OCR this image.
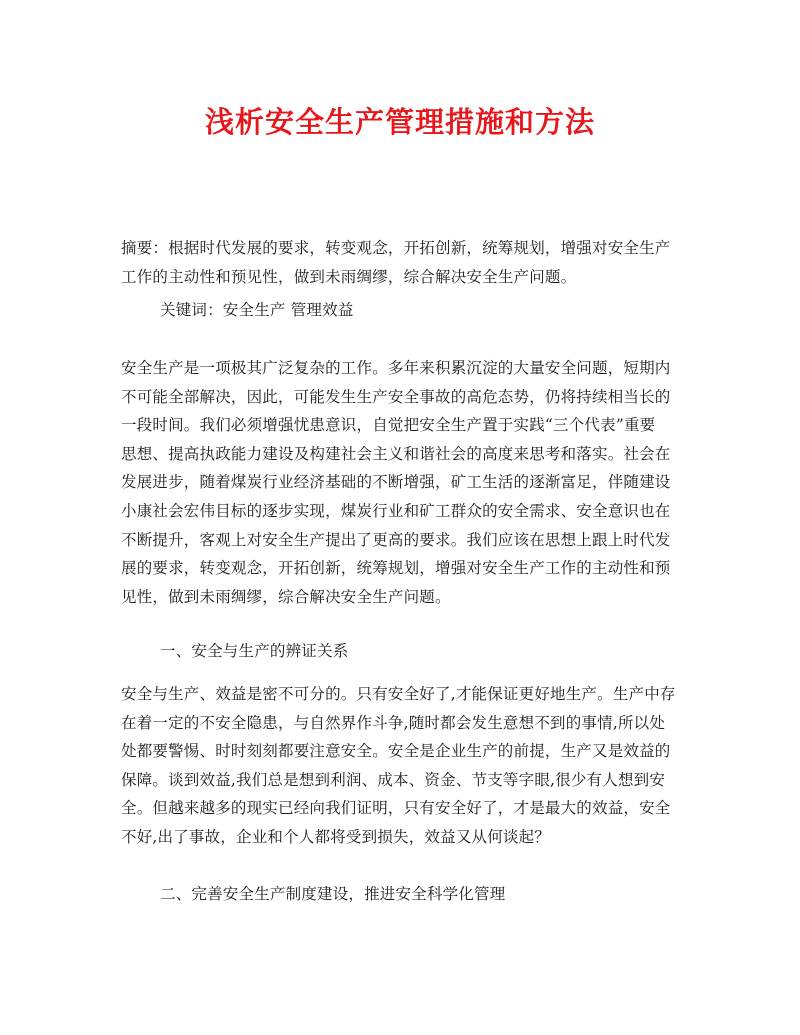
浅析安全生产管理措施和方法

摘要：根据时代发展的要求，转变观念，开拓创新，统筹规划，增强对安全生产
工作的主动性和预见性，做到未雨绸缪，综合解决安全生产问题。

关键词：安全生产 管理效益
安全生产是一项极其广泛复杂的工作。多年来积累沉淀的大量安全问题，短期内
不可能全部解决，因此，可能发生生产安全事故的高危态势，仍将持续相当长的
一段时间。我们必须增强忧患意识，自觉把安全生产置于实践“三个代表”重要
思想、提高执政能力建设及构建社会主义和谐社会的高度来思考和落实。社会在
发展进步，随着煤炭行业经济基础的不断增强，矿工生活的逐渐富足，伴随建设
小康社会宏伟目标的逐步实现，煤炭行业和矿工群众的安全需求、安全意识也在
不断提升，客观上对安全生产提出了更高的要求。我们应该在思想上跟上时代发
展的要求，转变观念，开拓创新，统筹规划，增强对安全生产工作的主动性和预
见性，做到未雨绸缪，综合解决安全生产问题。
一、安全与生产的辨证关系
安全与生产、效益是密不可分的。只有安全好了,才能保证更好地生产。生产中存
在着一定的不安全隐患，与自然界作斗争,随时都会发生意想不到的事情,所以处
处都要警惕、时时刻刻都要注意安全。安全是企业生产的前提，生产又是效益的
保障。谈到效益,我们总是想到利润、成本、资金、节支等字眼,很少有人想到安
全。但越来越多的现实已经向我们证明，只有安全好了，才是最大的效益，安全
不好,出了事故，企业和个人都将受到损失，效益又从何谈起？
二、完善安全生产制度建设，推进安全科学化管理
